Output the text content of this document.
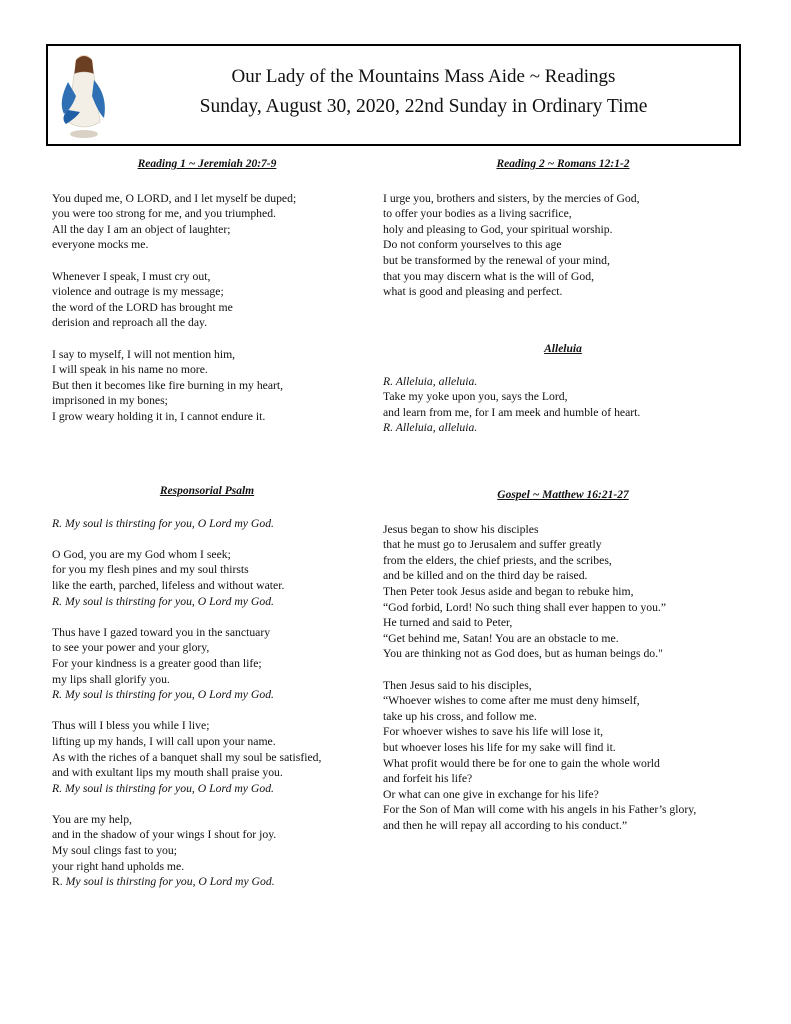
Our Lady of the Mountains Mass Aide ~ Readings
Sunday, August 30, 2020, 22nd Sunday in Ordinary Time

Reading 1 ~ Jeremiah 20:7-9

You duped me, O LORD, and I let myself be duped;

you were too strong for me, and you triumphed.

All the day I am an object of laughter;

everyone mocks me.

Whenever I speak, I must cry out,

violence and outrage is my message;

the word of the LORD has brought me

derision and reproach all the day.

I say to myself, I will not mention him,

I will speak in his name no more.

But then it becomes like fire burning in my heart,

imprisoned in my bones;

I grow weary holding it in, I cannot endure it.

Responsorial Psalm

R. My soul is thirsting for you, O Lord my God.

O God, you are my God whom I seek;

for you my flesh pines and my soul thirsts

like the earth, parched, lifeless and without water.

R. My soul is thirsting for you, O Lord my God.

Thus have I gazed toward you in the sanctuary

to see your power and your glory,

For your kindness is a greater good than life;

my lips shall glorify you.

R. My soul is thirsting for you, O Lord my God.

Thus will I bless you while I live;

lifting up my hands, I will call upon your name.

As with the riches of a banquet shall my soul be satisfied,

and with exultant lips my mouth shall praise you.

R. My soul is thirsting for you, O Lord my God.

You are my help,

and in the shadow of your wings I shout for joy.

My soul clings fast to you;

your right hand upholds me.

R. My soul is thirsting for you, O Lord my God.

Reading 2 ~ Romans 12:1-2

I urge you, brothers and sisters, by the mercies of God,

to offer your bodies as a living sacrifice,

holy and pleasing to God, your spiritual worship.

Do not conform yourselves to this age

but be transformed by the renewal of your mind,

that you may discern what is the will of God,

what is good and pleasing and perfect.

Alleluia

R. Alleluia, alleluia.

Take my yoke upon you, says the Lord,

and learn from me, for I am meek and humble of heart.

R. Alleluia, alleluia.

Gospel ~ Matthew 16:21-27

Jesus began to show his disciples

that he must go to Jerusalem and suffer greatly

from the elders, the chief priests, and the scribes,

and be killed and on the third day be raised.

Then Peter took Jesus aside and began to rebuke him,

“God forbid, Lord! No such thing shall ever happen to you.”

He turned and said to Peter,

“Get behind me, Satan! You are an obstacle to me.

You are thinking not as God does, but as human beings do."

Then Jesus said to his disciples,

“Whoever wishes to come after me must deny himself,

take up his cross, and follow me.

For whoever wishes to save his life will lose it,

but whoever loses his life for my sake will find it.

What profit would there be for one to gain the whole world

and forfeit his life?

Or what can one give in exchange for his life?

For the Son of Man will come with his angels in his Father’s glory,

and then he will repay all according to his conduct.”
